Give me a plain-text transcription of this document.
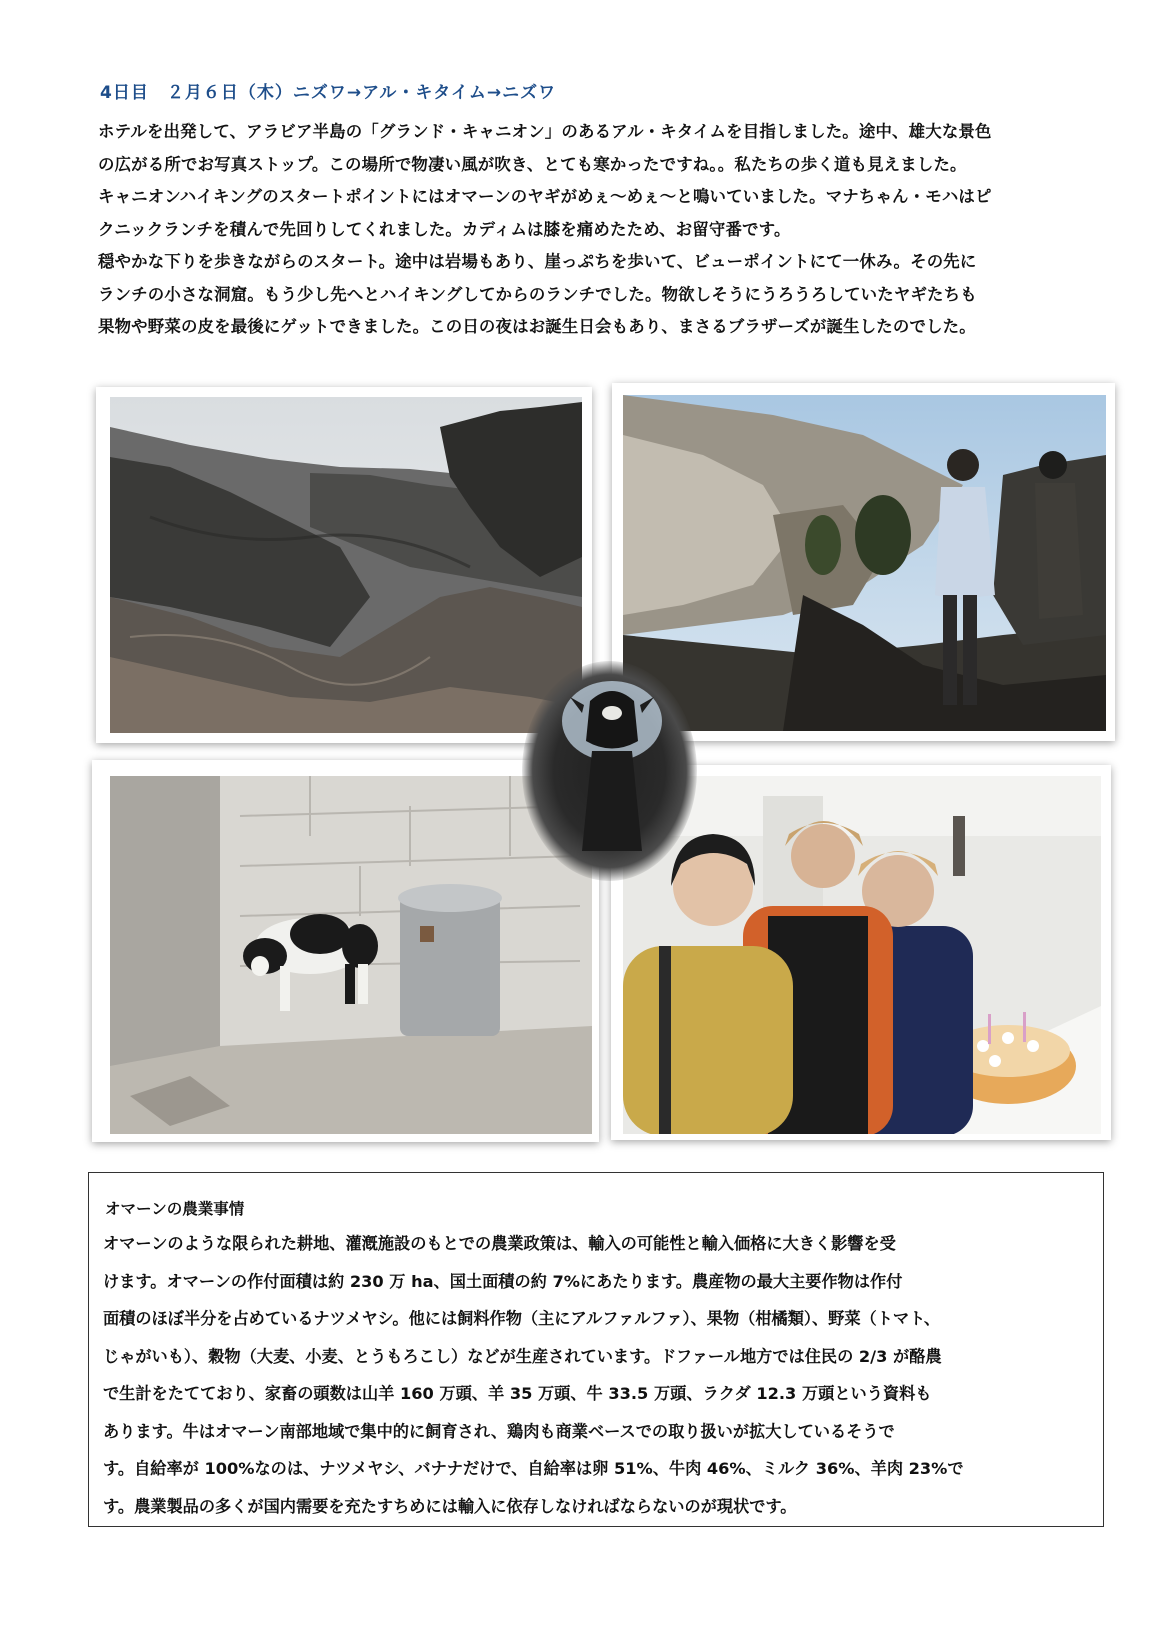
4日目　２月６日（木）ニズワ→アル・キタイム→ニズワ

ホテルを出発して、アラビア半島の「グランド・キャニオン」のあるアル・キタイムを目指しました。途中、雄大な景色

の広がる所でお写真ストップ。この場所で物凄い風が吹き、とても寒かったですね。。私たちの歩く道も見えました。

キャニオンハイキングのスタートポイントにはオマーンのヤギがめぇ～めぇ～と鳴いていました。マナちゃん・モハはピ

クニックランチを積んで先回りしてくれました。カディムは膝を痛めたため、お留守番です。

穏やかな下りを歩きながらのスタート。途中は岩場もあり、崖っぷちを歩いて、ビューポイントにて一休み。その先に

ランチの小さな洞窟。もう少し先へとハイキングしてからのランチでした。物欲しそうにうろうろしていたヤギたちも

果物や野菜の皮を最後にゲットできました。この日の夜はお誕生日会もあり、まさるブラザーズが誕生したのでした。

オマーンの農業事情

オマーンのような限られた耕地、灌漑施設のもとでの農業政策は、輸入の可能性と輸入価格に大きく影響を受

けます。オマーンの作付面積は約 230 万 ha、国土面積の約 7%にあたります。農産物の最大主要作物は作付

面積のほぼ半分を占めているナツメヤシ。他には飼料作物（主にアルファルファ）、果物（柑橘類）、野菜（トマト、

じゃがいも）、穀物（大麦、小麦、とうもろこし）などが生産されています。ドファール地方では住民の 2/3 が酪農

で生計をたてており、家畜の頭数は山羊 160 万頭、羊 35 万頭、牛 33.5 万頭、ラクダ 12.3 万頭という資料も

あります。牛はオマーン南部地域で集中的に飼育され、鶏肉も商業ベースでの取り扱いが拡大しているそうで

す。自給率が 100%なのは、ナツメヤシ、バナナだけで、自給率は卵 51%、牛肉 46%、ミルク 36%、羊肉 23%で

す。農業製品の多くが国内需要を充たすちめには輸入に依存しなければならないのが現状です。
